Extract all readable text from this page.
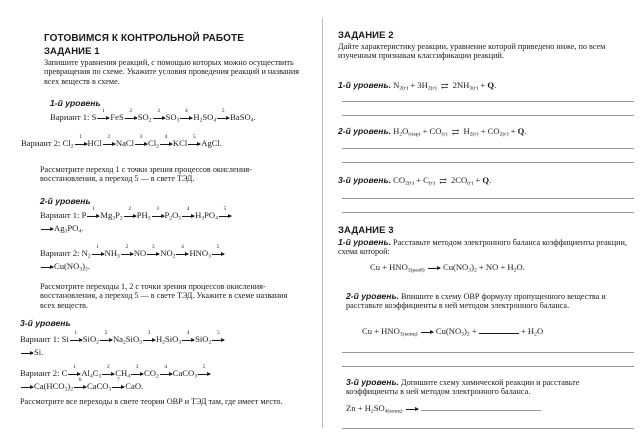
ГОТОВИМСЯ К КОНТРОЛЬНОЙ РАБОТЕ
ЗАДАНИЕ 1
Запишите уравнения реакций, с помощью которых можно осуществить превращения по схеме. Укажите условия проведения реакций и названия всех веществ в схеме.
1-й уровень
Вариант 1: S
1
FeS
2
$SO_2$
3
$SO_3$
4
$H_2SO_4$
5
BaSO$_4$.
Вариант 2: $Cl_2$
1
HCl
2
NaCl
3
$Cl_2$
4
KCl
5
AgCl.
Рассмотрите переход 1 с точки зрения процессов окисления-восстановления, а переход 5 — в свете ТЭД.
2-й уровень
Вариант 1: P
1
$Mg_3P_2$
2
$PH_3$
3
$P_2O_5$
4
$H_3PO_4$
5
$Ag_3PO_4$.
Вариант 2: $N_2$
1
$NH_3$
2
NO
3
$NO_2$
4
$HNO_3$
5
$Cu(NO_3)_2$.
Рассмотрите переходы 1, 2 с точки зрения процессов окисления-восстановления, а переход 5 — в свете ТЭД. Укажите в схеме названия всех веществ.
3-й уровень
Вариант 1: Si
1
SiO$_2$
2
$Na_2SiO_3$
3
$H_2SiO_3$
4
SiO$_2$
5
Si.
Вариант 2: C
1
$Al_4C_3$
2
$CH_4$
3
$CO_2$
4
CaCO$_3$
5
$Ca(HCO_3)_2$
6
CaCO$_3$
7
CaO.
Рассмотрите все переходы в свете теории ОВР и ТЭД там, где имеет место.
ЗАДАНИЕ 2
Дайте характеристику реакции, уравнение которой приведено ниже, по всем изученным признакам классификации реакций.
1-й уровень. $N_{2(г)} + 3H_{2(г)}$ ⇄ $2NH_{3(г)} + Q$.
2-й уровень. $H_2O_{(пар)} + CO_{(г)}$ ⇄ $H_{2(г)} + CO_{2(г)} + Q$.
3-й уровень. $CO_{2(г)} + C_{(т)}$ ⇄ $2CO_{(г)} + Q$.
ЗАДАНИЕ 3
1-й уровень. Расставьте методом электронного баланса коэффициенты реакции, схема которой:
$Cu + HNO_{3(разб)}$  $Cu(NO_3)_2$ + NO + $H_2O$.
2-й уровень. Впишите в схему ОВР формулу пропущенного вещества и расставьте коэффициенты в ней методом электронного баланса.
$Cu + HNO_{3(конц)}$  $Cu(NO_3)_2$ +	+ $H_2O$
3-й уровень. Допишите схему химической реакции и расставьте коэффициенты в ней методом электронного баланса.
$Zn + H_2SO_{4(конц)}$
